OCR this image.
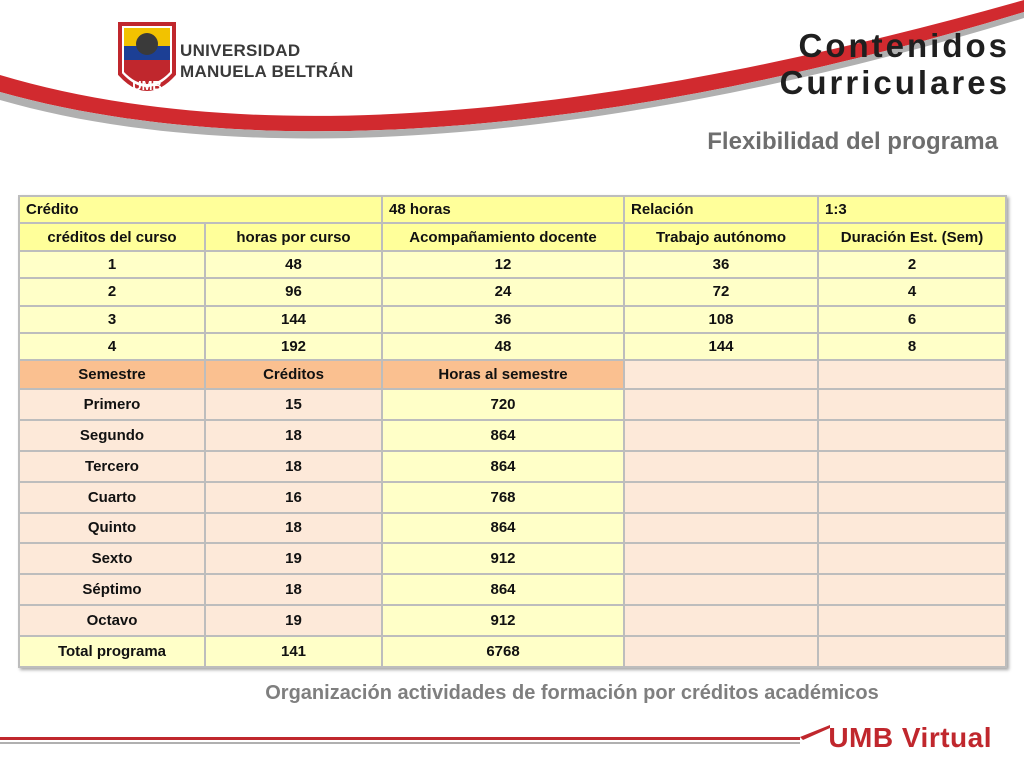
UMB
UNIVERSIDAD
MANUELA BELTRÁN
Contenidos
Curriculares
Flexibilidad del programa
Crédito		48 horas	Relación	1:3
créditos del curso	horas por curso	Acompañamiento docente	Trabajo autónomo	Duración Est. (Sem)
1	48	12	36	2
2	96	24	72	4
3	144	36	108	6
4	192	48	144	8
Semestre	Créditos	Horas al semestre		
Primero	15	720		
Segundo	18	864		
Tercero	18	864		
Cuarto	16	768		
Quinto	18	864		
Sexto	19	912		
Séptimo	18	864		
Octavo	19	912		
Total programa	141	6768		
Organización actividades de formación por créditos académicos
UMB Virtual
